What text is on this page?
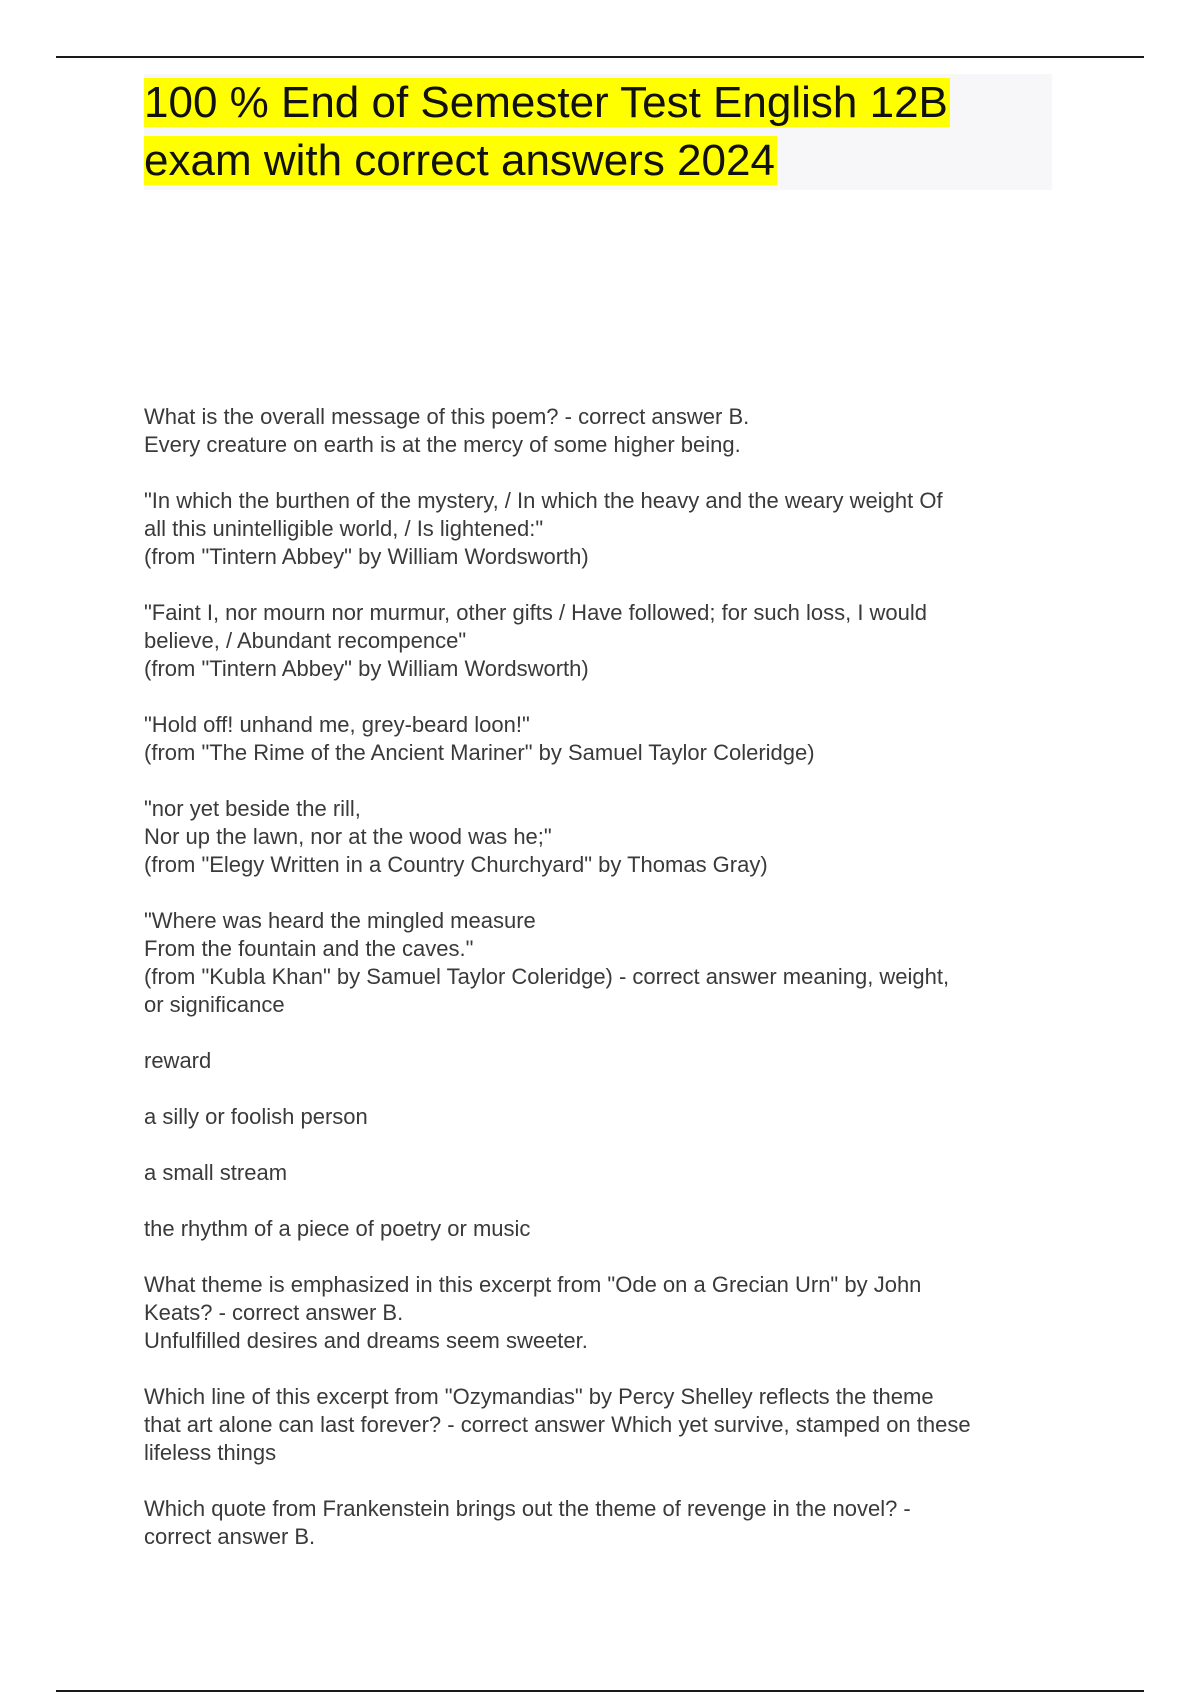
100 % End of Semester Test English 12B
exam with correct answers 2024

What is the overall message of this poem? - correct answer B.
Every creature on earth is at the mercy of some higher being.

"In which the burthen of the mystery, / In which the heavy and the weary weight Of
all this unintelligible world, / Is lightened:"
(from "Tintern Abbey" by William Wordsworth)

"Faint I, nor mourn nor murmur, other gifts / Have followed; for such loss, I would
believe, / Abundant recompence"
(from "Tintern Abbey" by William Wordsworth)

"Hold off! unhand me, grey-beard loon!"
(from "The Rime of the Ancient Mariner" by Samuel Taylor Coleridge)

"nor yet beside the rill,
Nor up the lawn, nor at the wood was he;"
(from "Elegy Written in a Country Churchyard" by Thomas Gray)

"Where was heard the mingled measure
From the fountain and the caves."
(from "Kubla Khan" by Samuel Taylor Coleridge) - correct answer meaning, weight,
or significance

reward

a silly or foolish person

a small stream

the rhythm of a piece of poetry or music

What theme is emphasized in this excerpt from "Ode on a Grecian Urn" by John
Keats? - correct answer B.
Unfulfilled desires and dreams seem sweeter.

Which line of this excerpt from "Ozymandias" by Percy Shelley reflects the theme
that art alone can last forever? - correct answer Which yet survive, stamped on these
lifeless things

Which quote from Frankenstein brings out the theme of revenge in the novel? -
correct answer B.
